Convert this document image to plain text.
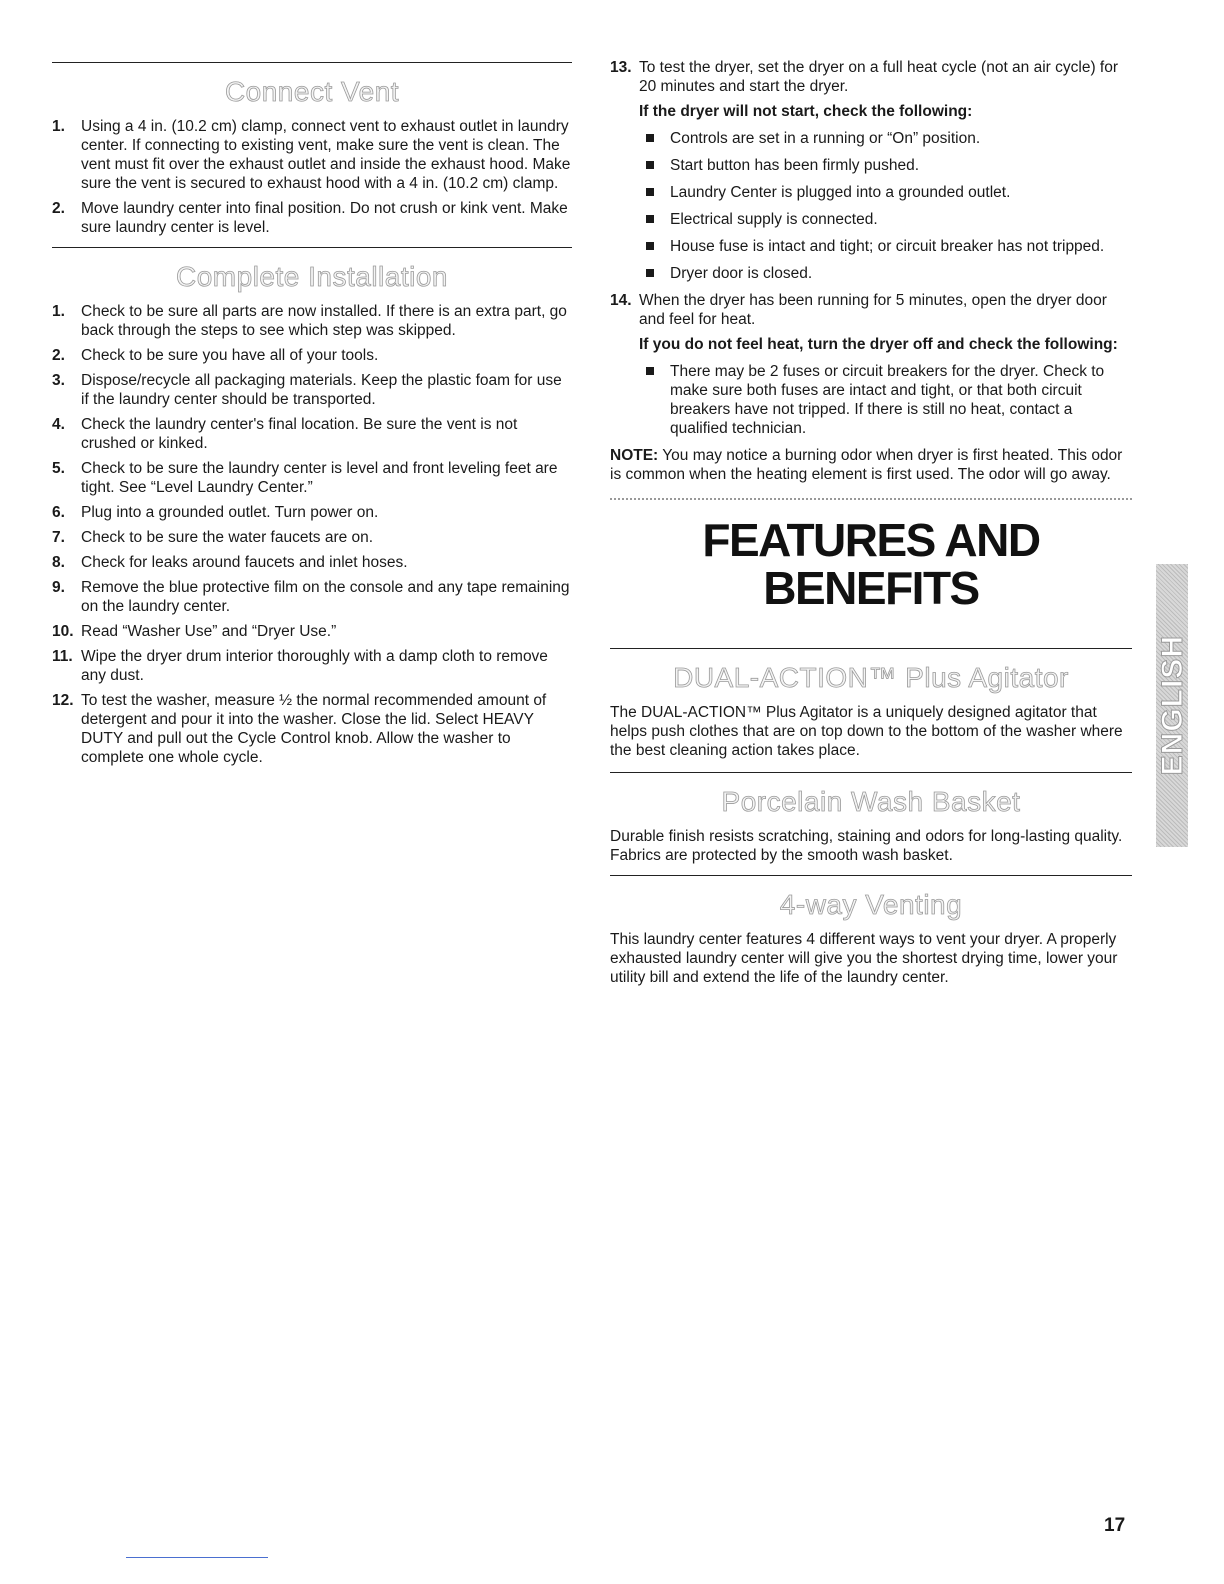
Connect Vent
1. Using a 4 in. (10.2 cm) clamp, connect vent to exhaust outlet in laundry center. If connecting to existing vent, make sure the vent is clean. The vent must fit over the exhaust outlet and inside the exhaust hood. Make sure the vent is secured to exhaust hood with a 4 in. (10.2 cm) clamp.
2. Move laundry center into final position. Do not crush or kink vent. Make sure laundry center is level.
Complete Installation
1. Check to be sure all parts are now installed. If there is an extra part, go back through the steps to see which step was skipped.
2. Check to be sure you have all of your tools.
3. Dispose/recycle all packaging materials. Keep the plastic foam for use if the laundry center should be transported.
4. Check the laundry center's final location. Be sure the vent is not crushed or kinked.
5. Check to be sure the laundry center is level and front leveling feet are tight. See “Level Laundry Center.”
6. Plug into a grounded outlet. Turn power on.
7. Check to be sure the water faucets are on.
8. Check for leaks around faucets and inlet hoses.
9. Remove the blue protective film on the console and any tape remaining on the laundry center.
10. Read “Washer Use” and “Dryer Use.”
11. Wipe the dryer drum interior thoroughly with a damp cloth to remove any dust.
12. To test the washer, measure ½ the normal recommended amount of detergent and pour it into the washer. Close the lid. Select HEAVY DUTY and pull out the Cycle Control knob. Allow the washer to complete one whole cycle.
13. To test the dryer, set the dryer on a full heat cycle (not an air cycle) for 20 minutes and start the dryer.
If the dryer will not start, check the following:
Controls are set in a running or “On” position.
Start button has been firmly pushed.
Laundry Center is plugged into a grounded outlet.
Electrical supply is connected.
House fuse is intact and tight; or circuit breaker has not tripped.
Dryer door is closed.
14. When the dryer has been running for 5 minutes, open the dryer door and feel for heat.
If you do not feel heat, turn the dryer off and check the following:
There may be 2 fuses or circuit breakers for the dryer. Check to make sure both fuses are intact and tight, or that both circuit breakers have not tripped. If there is still no heat, contact a qualified technician.

NOTE: You may notice a burning odor when dryer is first heated. This odor is common when the heating element is first used. The odor will go away.

FEATURES AND
BENEFITS
DUAL-ACTION™ Plus Agitator

The DUAL-ACTION™ Plus Agitator is a uniquely designed agitator that helps push clothes that are on top down to the bottom of the washer where the best cleaning action takes place.

Porcelain Wash Basket

Durable finish resists scratching, staining and odors for long-lasting quality. Fabrics are protected by the smooth wash basket.

4-way Venting

This laundry center features 4 different ways to vent your dryer. A properly exhausted laundry center will give you the shortest drying time, lower your utility bill and extend the life of the laundry center.

ENGLISH
17
